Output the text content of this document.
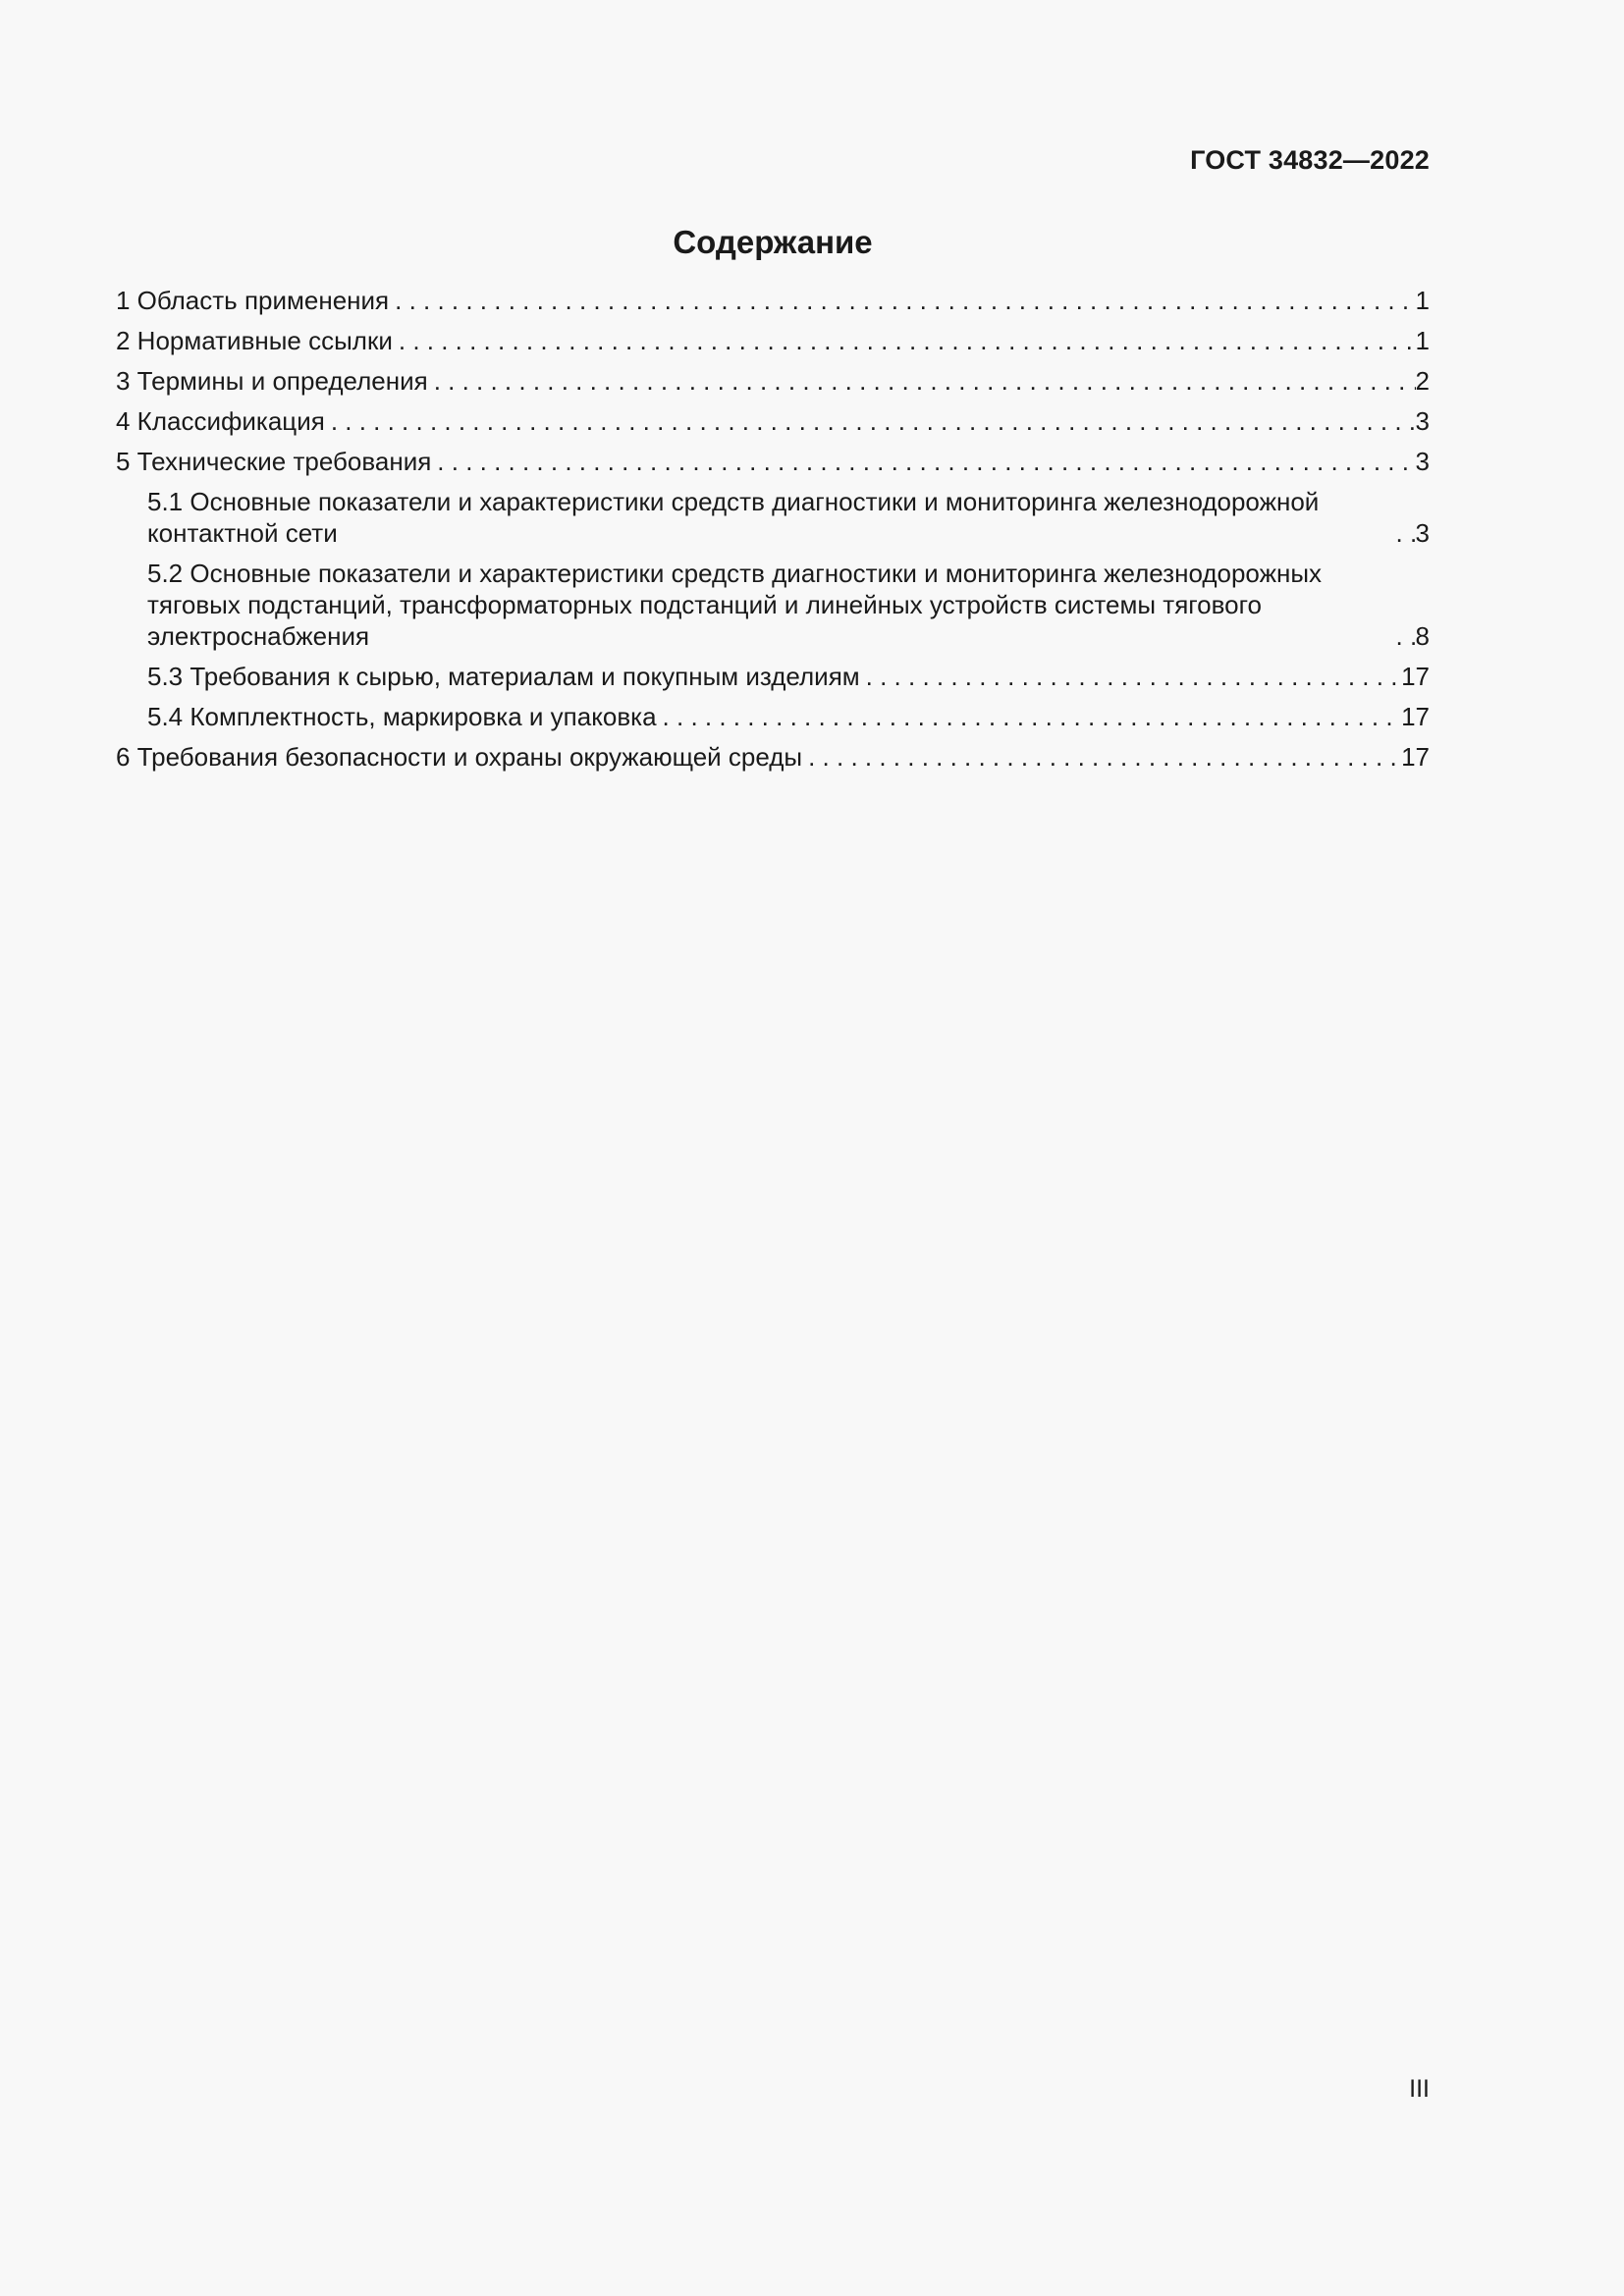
ГОСТ 34832—2022
Содержание
1 Область применения . . .	1
2 Нормативные ссылки . . .	1
3 Термины и определения . . .	2
4 Классификация . . .	3
5 Технические требования . . .	3
5.1 Основные показатели и характеристики средств диагностики и мониторинга железнодорожной контактной сети . . .	3
5.2 Основные показатели и характеристики средств диагностики и мониторинга железнодорожных тяговых подстанций, трансформаторных подстанций и линейных устройств системы тягового электроснабжения . . .	8
5.3 Требования к сырью, материалам и покупным изделиям . . .	17
5.4 Комплектность, маркировка и упаковка . . .	17
6 Требования безопасности и охраны окружающей среды . . .	17
III
